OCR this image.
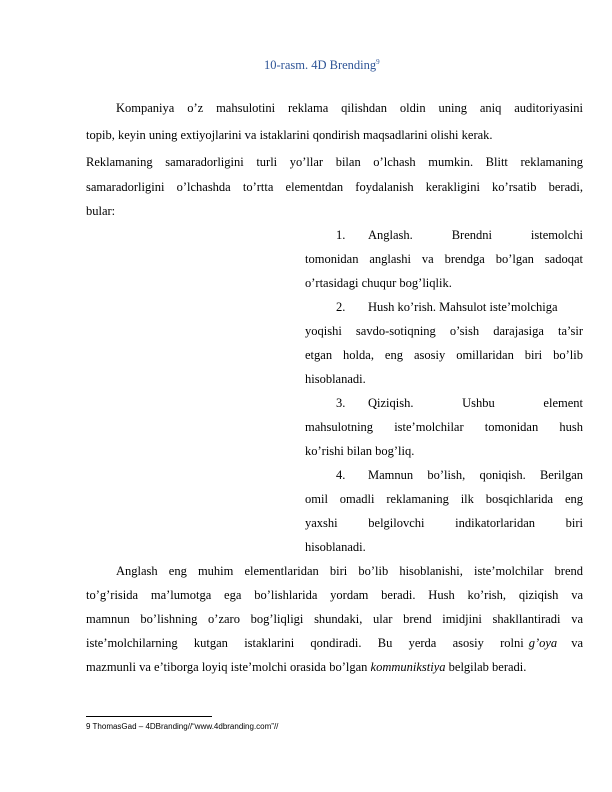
10-rasm. 4D Brending$^9$
Kompaniya o’z mahsulotini reklama qilishdan oldin uning aniq auditoriyasini
topib, keyin uning extiyojlarini va istaklarini qondirish maqsadlarini olishi kerak.
Reklamaning samaradorligini turli yo’llar bilan o’lchash mumkin. Blitt reklamaning
samaradorligini o’lchashda to’rtta elementdan foydalanish kerakligini ko’rsatib beradi,
bular:
1. Anglash. Brendni istemolchi
tomonidan anglashi va brendga bo’lgan sadoqat
o’rtasidagi chuqur bog’liqlik.
2. Hush ko’rish. Mahsulot iste’molchiga
yoqishi savdo-sotiqning o’sish darajasiga ta’sir
etgan holda, eng asosiy omillaridan biri bo’lib
hisoblanadi.
3. Qiziqish. Ushbu element
mahsulotning iste’molchilar tomonidan hush
ko’rishi bilan bog’liq.
4. Mamnun bo’lish, qoniqish. Berilgan
omil omadli reklamaning ilk bosqichlarida eng
yaxshi belgilovchi indikatorlaridan biri
hisoblanadi.
Anglash eng muhim elementlaridan biri bo’lib hisoblanishi, iste’molchilar brend
to’g’risida ma’lumotga ega bo’lishlarida yordam beradi. Hush ko’rish, qiziqish va
mamnun bo’lishning o’zaro bog’liqligi shundaki, ular brend imidjini shakllantiradi va
iste’molchilarning kutgan istaklarini qondiradi. Bu yerda asosiy rolni g’oya	va
mazmunli va e’tiborga loyiq iste’molchi orasida bo’lgan kommunikstiya belgilab beradi.
9 ThomasGad – 4DBranding//“www.4dbranding.com”//
